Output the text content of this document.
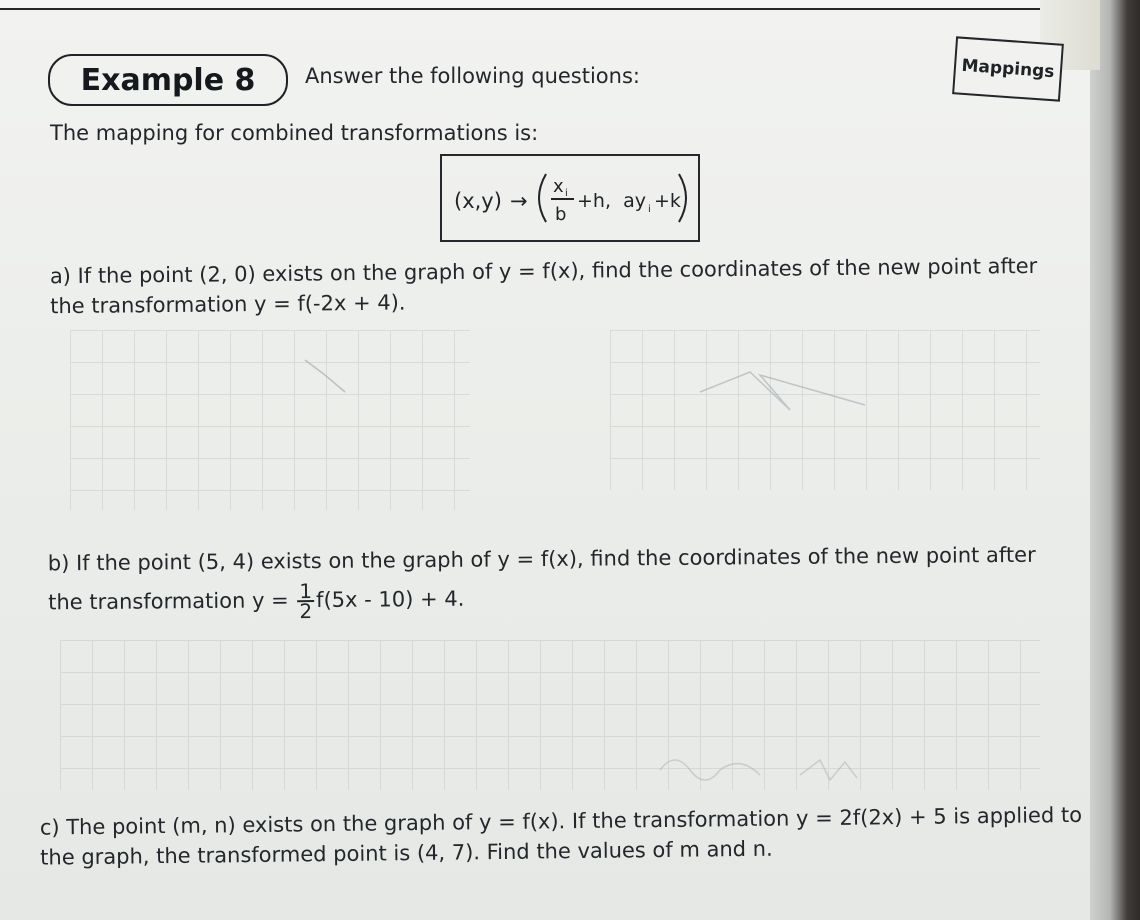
Example 8 Answer the following questions:	Mappings
The mapping for combined transformations is:
(x,y) →
x i
b
+h,  ay i +k
a) If the point (2, 0) exists on the graph of y = f(x), find the coordinates of the new point after
the transformation y = f(-2x + 4).
b) If the point (5, 4) exists on the graph of y = f(x), find the coordinates of the new point after
the transformation $y = \frac{1}{2} f(5x - 10) + 4$.
c) The point (m, n) exists on the graph of y = f(x). If the transformation y = 2f(2x) + 5 is applied to
the graph, the transformed point is (4, 7). Find the values of m and n.
